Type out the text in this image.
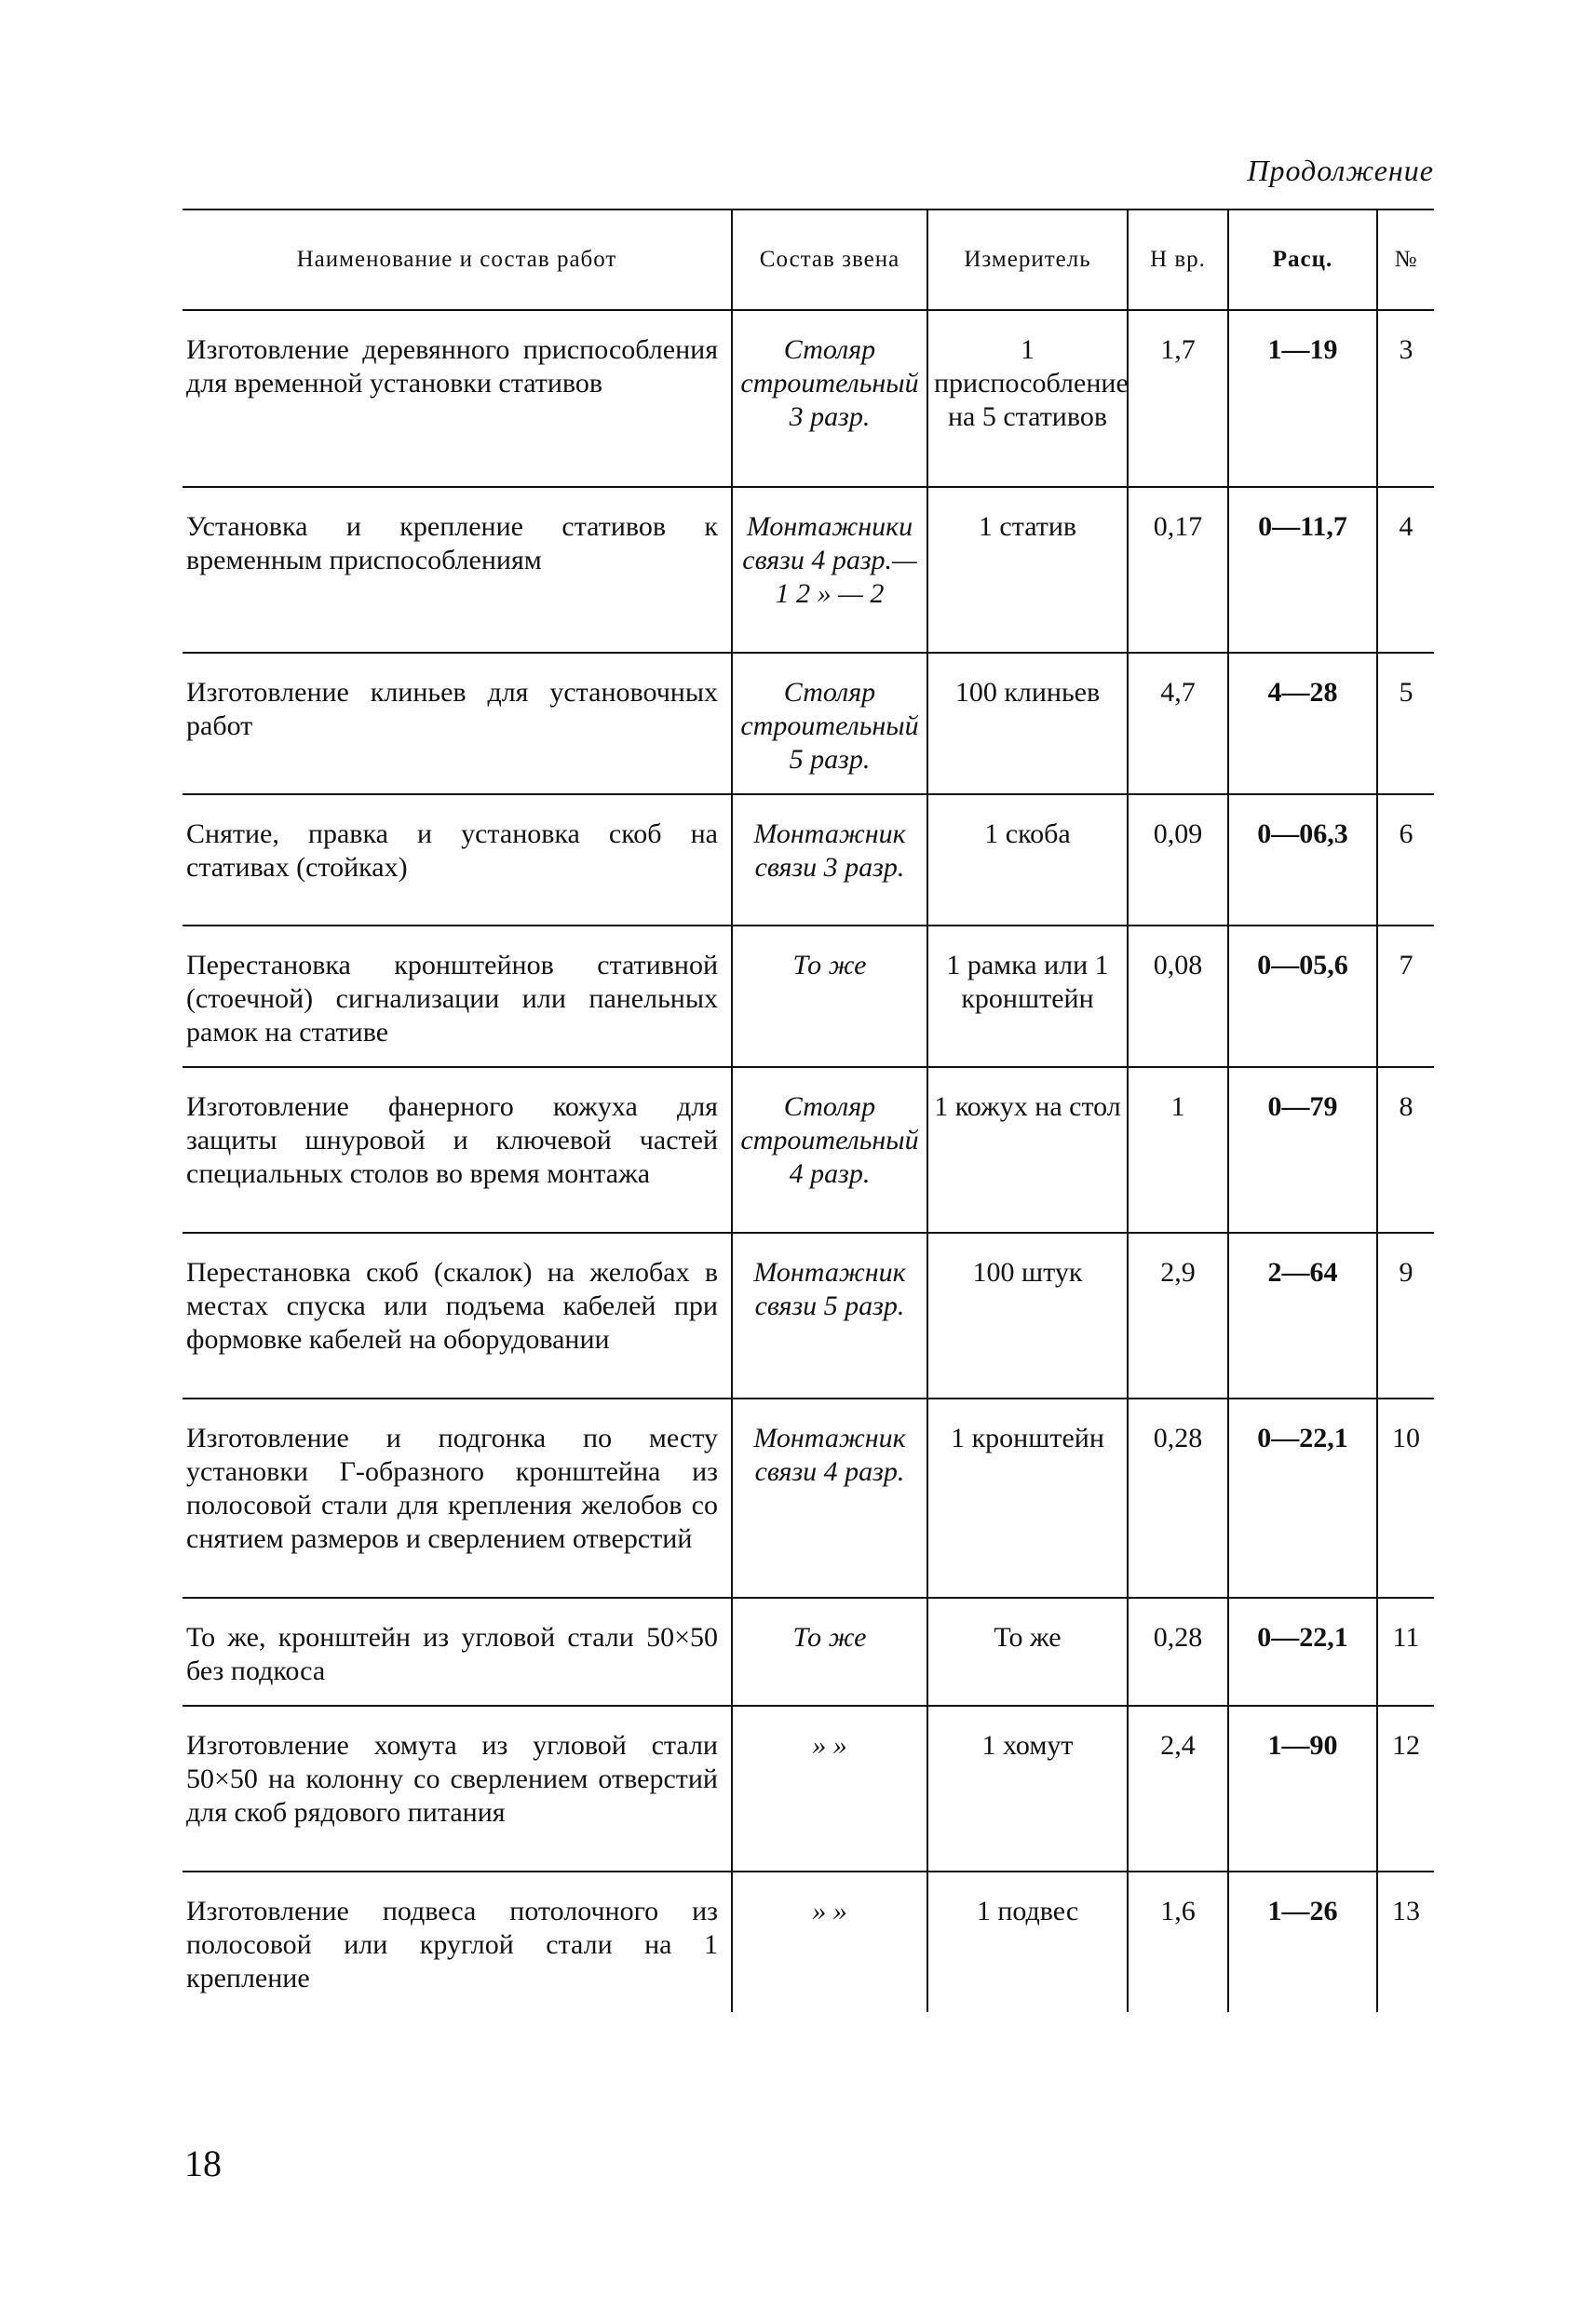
Продолжение
Наименование и состав работ	Состав звена	Измеритель	Н вр.	Расц.	№
Изготовление деревянного приспособления для временной установки стативов	Столяр строительный 3 разр.	1 приспособление на 5 стативов	1,7	1—19	3
Установка и крепление стативов к временным приспособлениям	Монтажники связи 4 разр.— 1 2 » — 2	1 статив	0,17	0—11,7	4
Изготовление клиньев для установочных работ	Столяр строительный 5 разр.	100 клиньев	4,7	4—28	5
Снятие, правка и установка скоб на стативах (стойках)	Монтажник связи 3 разр.	1 скоба	0,09	0—06,3	6
Перестановка кронштейнов стативной (стоечной) сигнализации или панельных рамок на стативе	То же	1 рамка или 1 кронштейн	0,08	0—05,6	7
Изготовление фанерного кожуха для защиты шнуровой и ключевой частей специальных столов во время монтажа	Столяр строительный 4 разр.	1 кожух на стол	1	0—79	8
Перестановка скоб (скалок) на желобах в местах спуска или подъема кабелей при формовке кабелей на оборудовании	Монтажник связи 5 разр.	100 штук	2,9	2—64	9
Изготовление и подгонка по месту установки Г-образного кронштейна из полосовой стали для крепления желобов со снятием размеров и сверлением отверстий	Монтажник связи 4 разр.	1 кронштейн	0,28	0—22,1	10
То же, кронштейн из угловой стали 50×50 без подкоса	То же	То же	0,28	0—22,1	11
Изготовление хомута из угловой стали 50×50 на колонну со сверлением отверстий для скоб рядового питания	» »	1 хомут	2,4	1—90	12
Изготовление подвеса потолочного из полосовой или круглой стали на 1 крепление	» »	1 подвес	1,6	1—26	13
18
